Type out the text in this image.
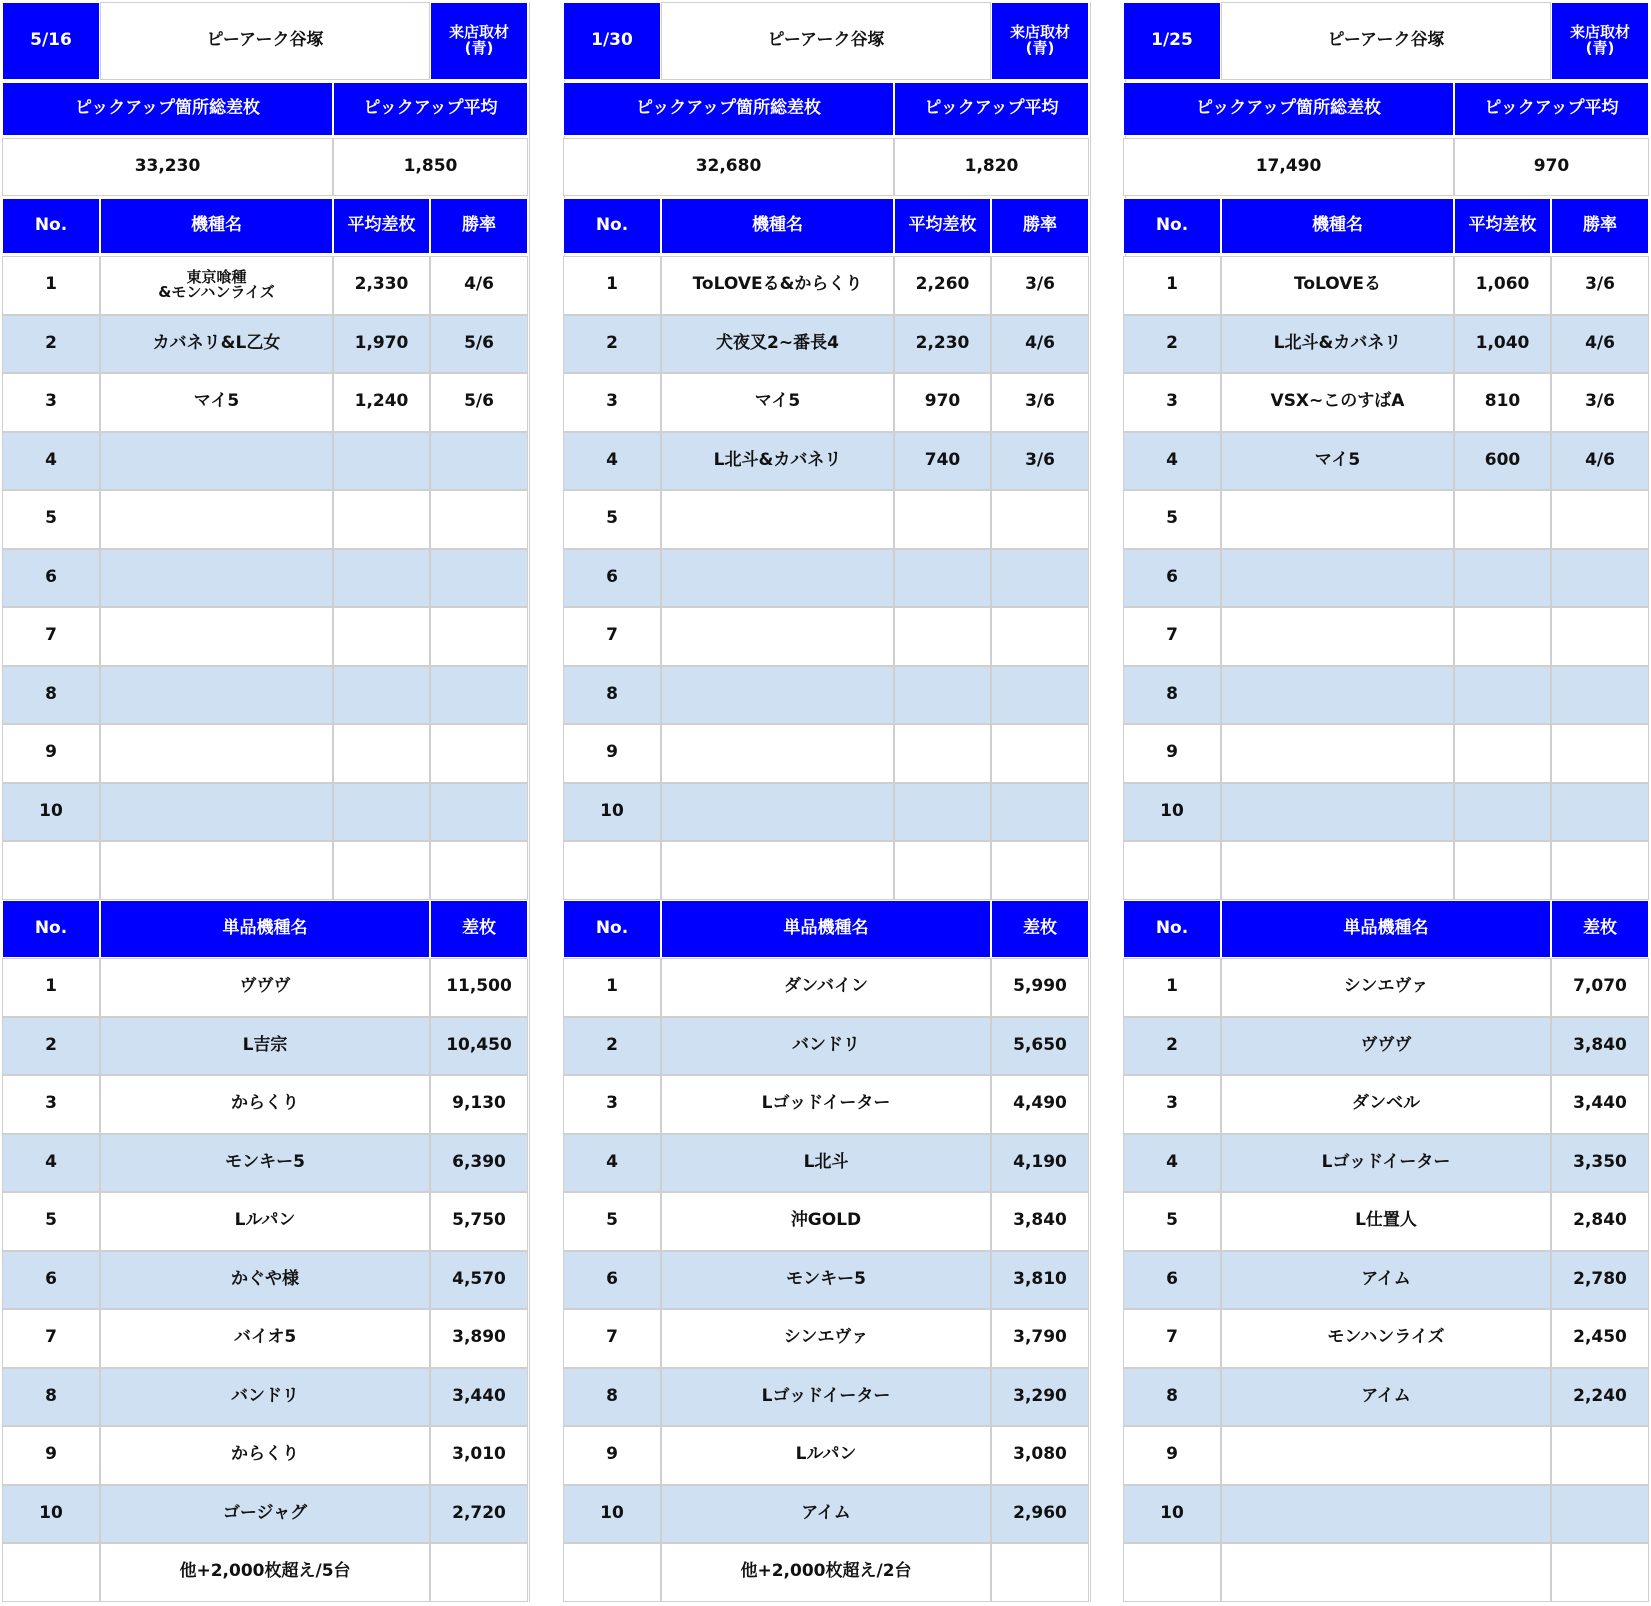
5/16	ピーアーク谷塚	来店取材
(青)
ピックアップ箇所総差枚	ピックアップ平均
33,230	1,850
No.	機種名	平均差枚	勝率
1	東京喰種
&モンハンライズ	2,330	4/6
2	カバネリ&L乙女	1,970	5/6
3	マイ5	1,240	5/6
4
5
6
7
8
9
10
No.	単品機種名	差枚
1	ヴヴヴ	11,500
2	L吉宗	10,450
3	からくり	9,130
4	モンキー5	6,390
5	Lルパン	5,750
6	かぐや様	4,570
7	バイオ5	3,890
8	バンドリ	3,440
9	からくり	3,010
10	ゴージャグ	2,720
他+2,000枚超え/5台
1/30	ピーアーク谷塚	来店取材
(青)
ピックアップ箇所総差枚	ピックアップ平均
32,680	1,820
No.	機種名	平均差枚	勝率
1	ToLOVEる&からくり	2,260	3/6
2	犬夜叉2~番長4	2,230	4/6
3	マイ5	970	3/6
4	L北斗&カバネリ	740	3/6
5
6
7
8
9
10
No.	単品機種名	差枚
1	ダンバイン	5,990
2	バンドリ	5,650
3	Lゴッドイーター	4,490
4	L北斗	4,190
5	沖GOLD	3,840
6	モンキー5	3,810
7	シンエヴァ	3,790
8	Lゴッドイーター	3,290
9	Lルパン	3,080
10	アイム	2,960
他+2,000枚超え/2台
1/25	ピーアーク谷塚	来店取材
(青)
ピックアップ箇所総差枚	ピックアップ平均
17,490	970
No.	機種名	平均差枚	勝率
1	ToLOVEる	1,060	3/6
2	L北斗&カバネリ	1,040	4/6
3	VSX~このすばA	810	3/6
4	マイ5	600	4/6
5
6
7
8
9
10
No.	単品機種名	差枚
1	シンエヴァ	7,070
2	ヴヴヴ	3,840
3	ダンベル	3,440
4	Lゴッドイーター	3,350
5	L仕置人	2,840
6	アイム	2,780
7	モンハンライズ	2,450
8	アイム	2,240
9
10
